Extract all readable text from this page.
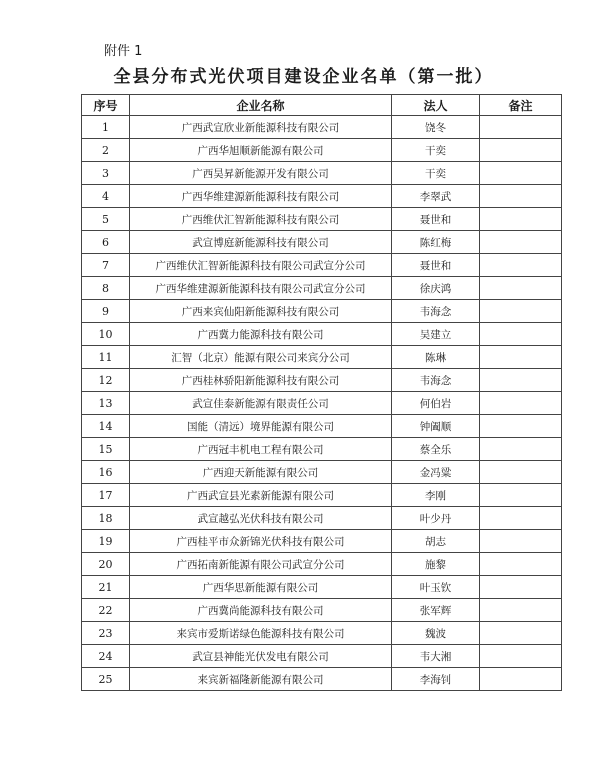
附件 1
全县分布式光伏项目建设企业名单（第一批）
序号	企业名称	法人	备注
1	广西武宣欣业新能源科技有限公司	饶冬	
2	广西华旭顺新能源有限公司	干奕	
3	广西昊昇新能源开发有限公司	干奕	
4	广西华维建源新能源科技有限公司	李翠武	
5	广西维伏汇智新能源科技有限公司	聂世和	
6	武宣博庭新能源科技有限公司	陈红梅	
7	广西维伏汇智新能源科技有限公司武宣分公司	聂世和	
8	广西华维建源新能源科技有限公司武宣分公司	徐庆鸿	
9	广西来宾仙阳新能源科技有限公司	韦海念	
10	广西冀力能源科技有限公司	吴建立	
11	汇智（北京）能源有限公司来宾分公司	陈琳	
12	广西桂林骄阳新能源科技有限公司	韦海念	
13	武宣佳泰新能源有限责任公司	何伯岩	
14	国能（清远）境界能源有限公司	钟阖顺	
15	广西冠丰机电工程有限公司	蔡全乐	
16	广西迎天新能源有限公司	金冯粱	
17	广西武宣县光素新能源有限公司	李刚	
18	武宣越弘光伏科技有限公司	叶少丹	
19	广西桂平市众新锦光伏科技有限公司	胡志	
20	广西拓南新能源有限公司武宣分公司	施黎	
21	广西华思新能源有限公司	叶玉钦	
22	广西冀尚能源科技有限公司	张军辉	
23	来宾市爱斯诺绿色能源科技有限公司	魏波	
24	武宣县神能光伏发电有限公司	韦大湘	
25	来宾新福隆新能源有限公司	李海钊	
